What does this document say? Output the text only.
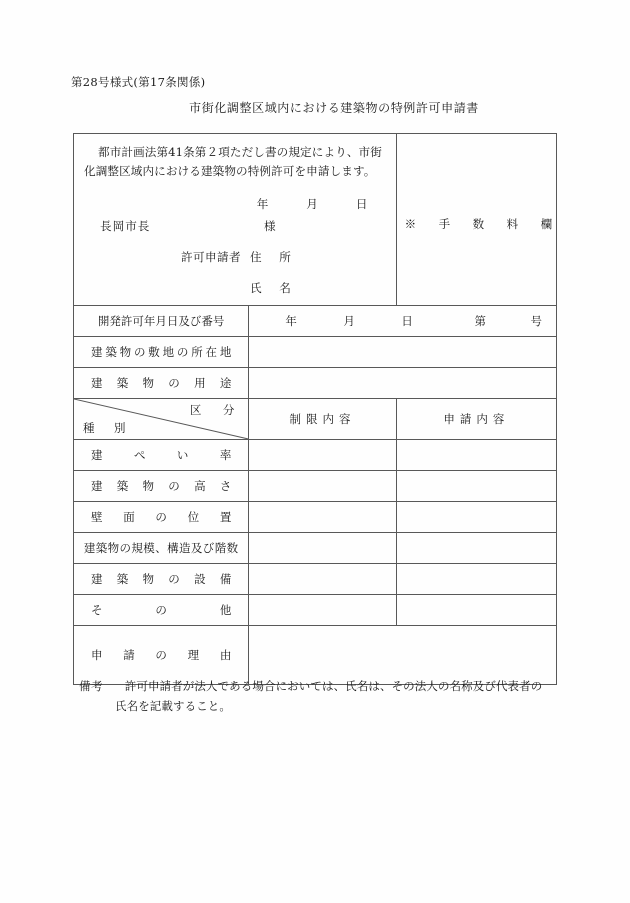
第28号様式(第17条関係)
市街化調整区域内における建築物の特例許可申請書
都市計画法第41条第２項ただし書の規定により、市街化調整区域内における建築物の特例許可を申請します。
年	月	日
長岡市長	様
許可申請者 住　所
氏　名

※　手　数　料　欄

開発許可年月日及び番号	年 月 日 第 号	

建 築 物 の 敷 地 の 所 在 地

建 築 物 の 用 途

区　分
種　別	制限内容	申請内容

建 ぺ い 率		

建 築 物 の 高 さ

壁 面 の 位 置		

建築物の規模、構造及び階数		

建 築 物 の 設 備

そ の 他		

申 請 の 理 由		

備考 許可申請者が法人である場合においては、氏名は、その法人の名称及び代表者の
氏名を記載すること。
